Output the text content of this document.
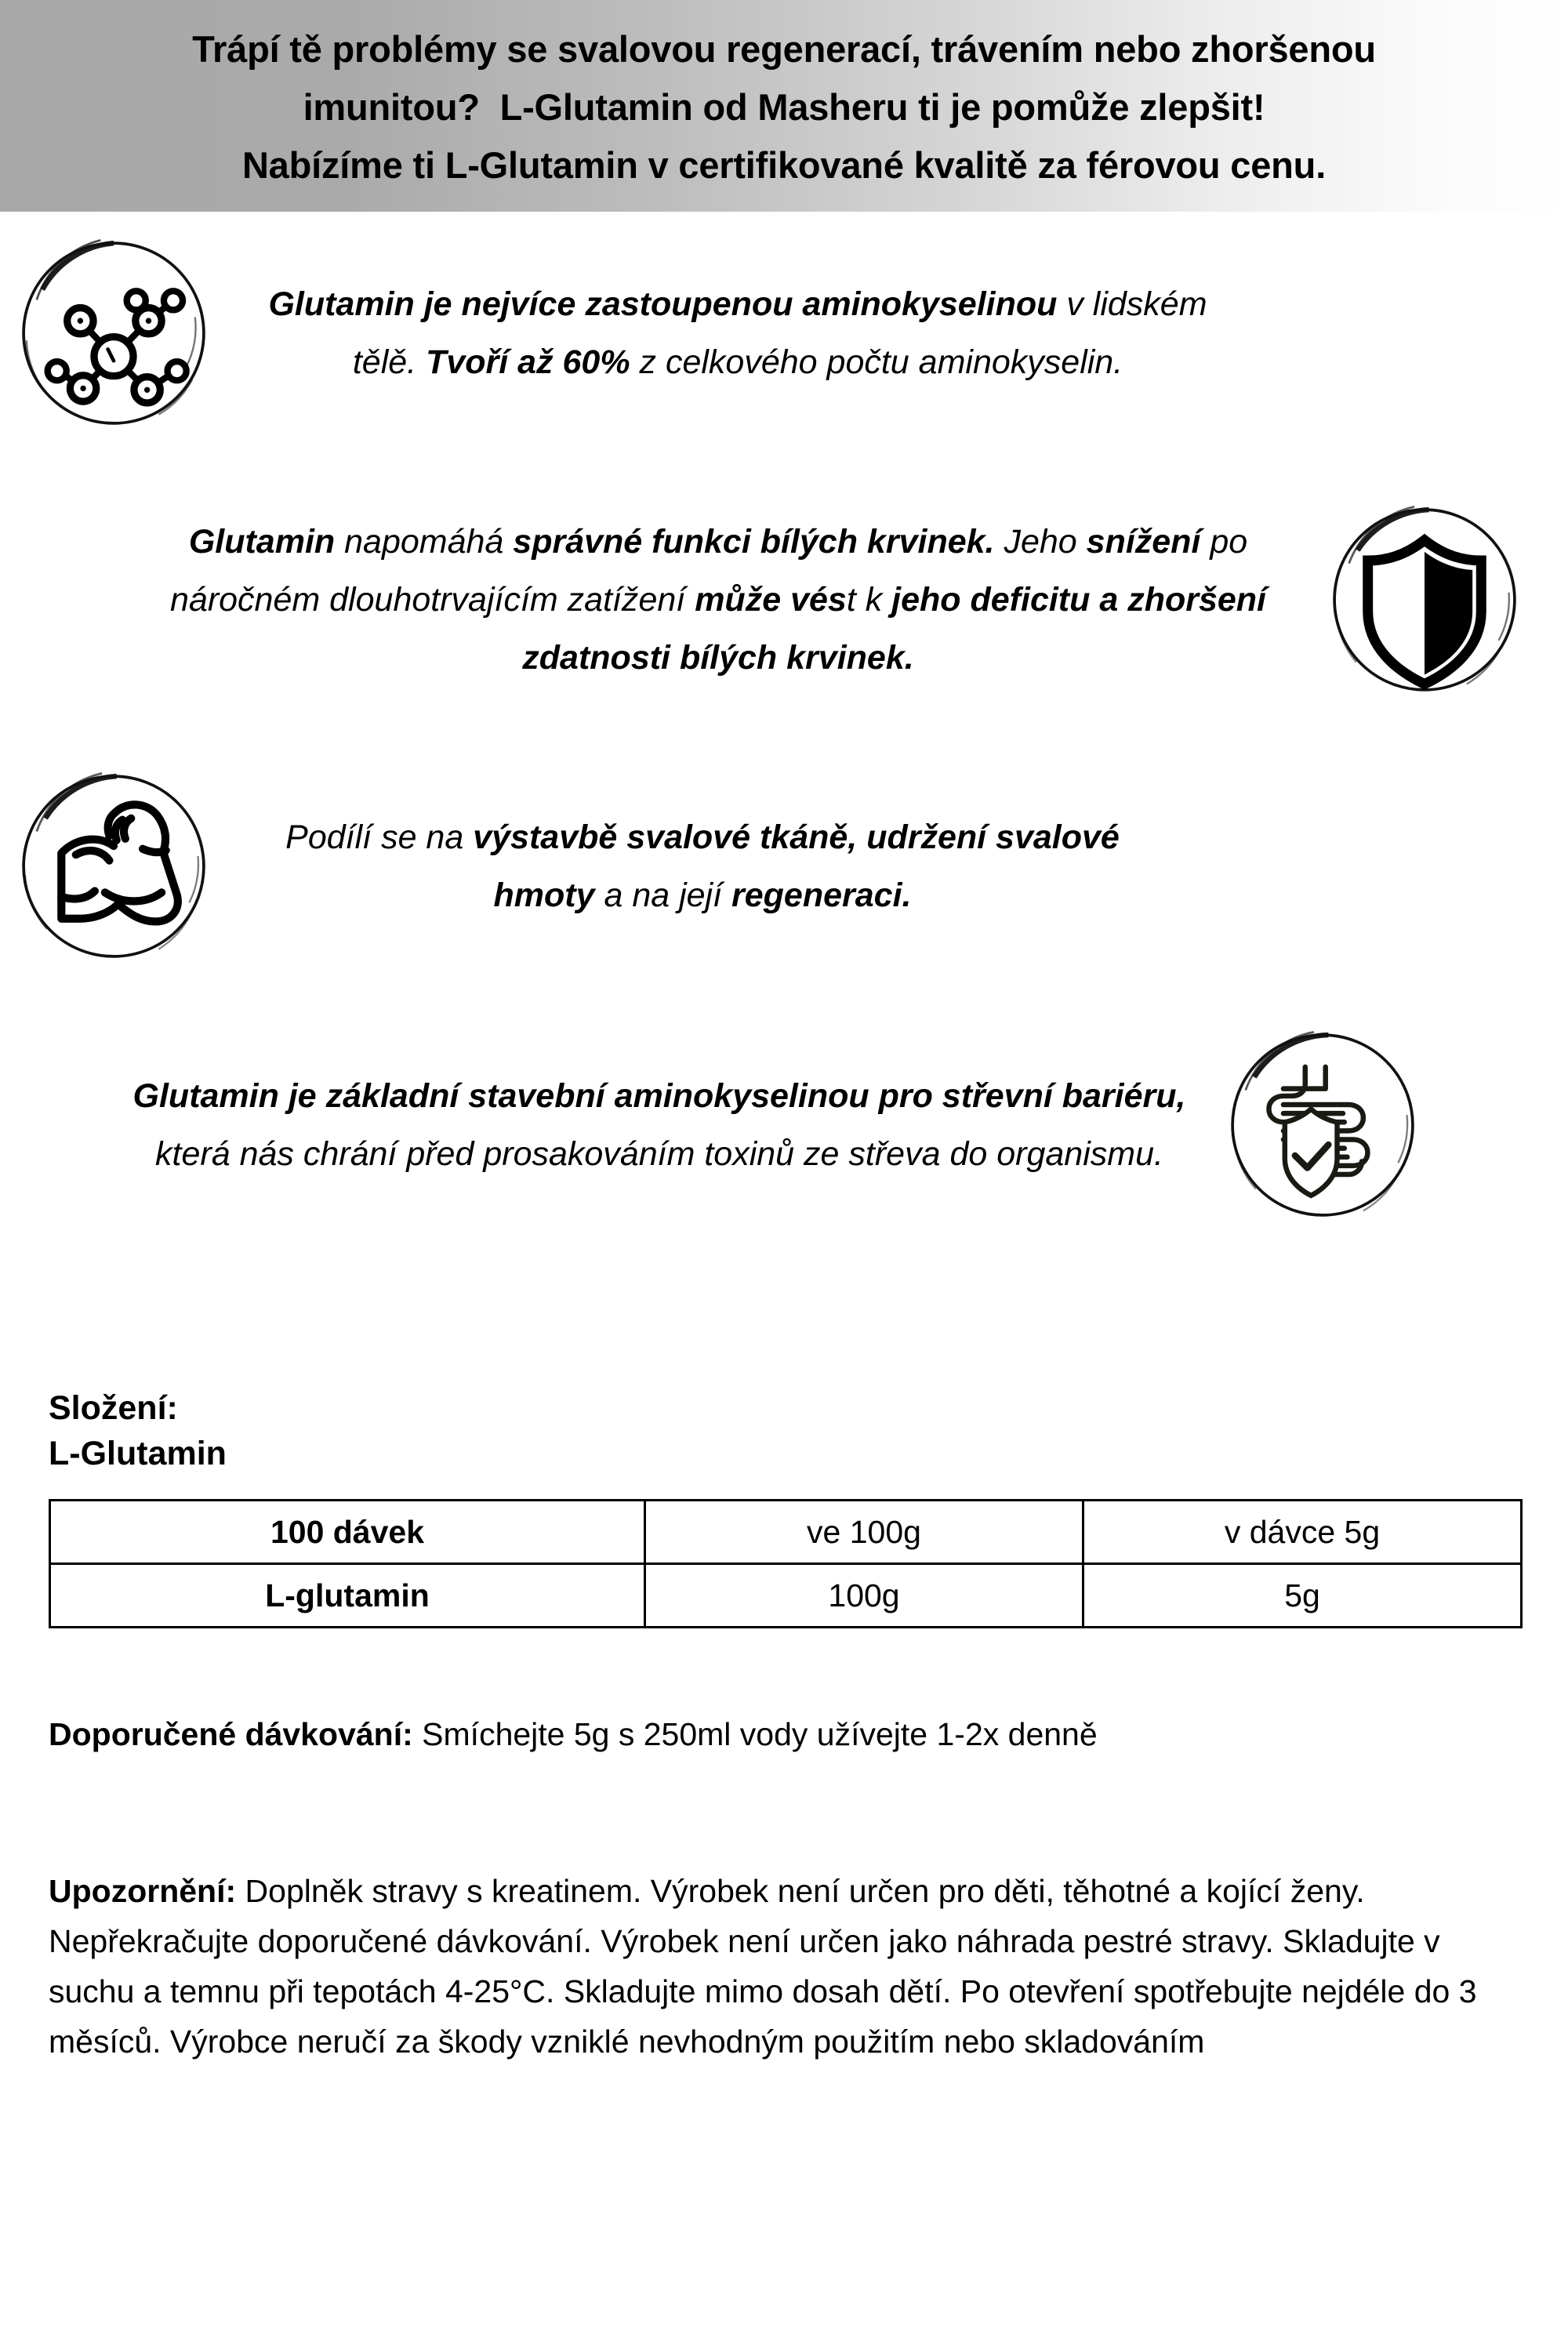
Trápí tě problémy se svalovou regenerací, trávením nebo zhoršenou
imunitou?  L-Glutamin od Masheru ti je pomůže zlepšit!
Nabízíme ti L-Glutamin v certifikované kvalitě za férovou cenu.
Glutamin je nejvíce zastoupenou aminokyselinou v lidském tělě. Tvoří až 60% z celkového počtu aminokyselin.
Glutamin napomáhá správné funkci bílých krvinek. Jeho snížení po náročném dlouhotrvajícím zatížení může vést k jeho deficitu a zhoršení zdatnosti bílých krvinek.
Podílí se na výstavbě svalové tkáně, udržení svalové hmoty a na její regeneraci.
Glutamin je základní stavební aminokyselinou pro střevní bariéru, která nás chrání před prosakováním toxinů ze střeva do organismu.
Složení:
L-Glutamin
100 dávek	ve 100g	v dávce 5g
L-glutamin	100g	5g
Doporučené dávkování: Smíchejte 5g s 250ml vody užívejte 1-2x denně
Upozornění: Doplněk stravy s kreatinem. Výrobek není určen pro děti, těhotné a kojící ženy. Nepřekračujte doporučené dávkování. Výrobek není určen jako náhrada pestré stravy. Skladujte v suchu a temnu při tepotách 4-25°C. Skladujte mimo dosah dětí. Po otevření spotřebujte nejdéle do 3 měsíců. Výrobce neručí za škody vzniklé nevhodným použitím nebo skladováním
